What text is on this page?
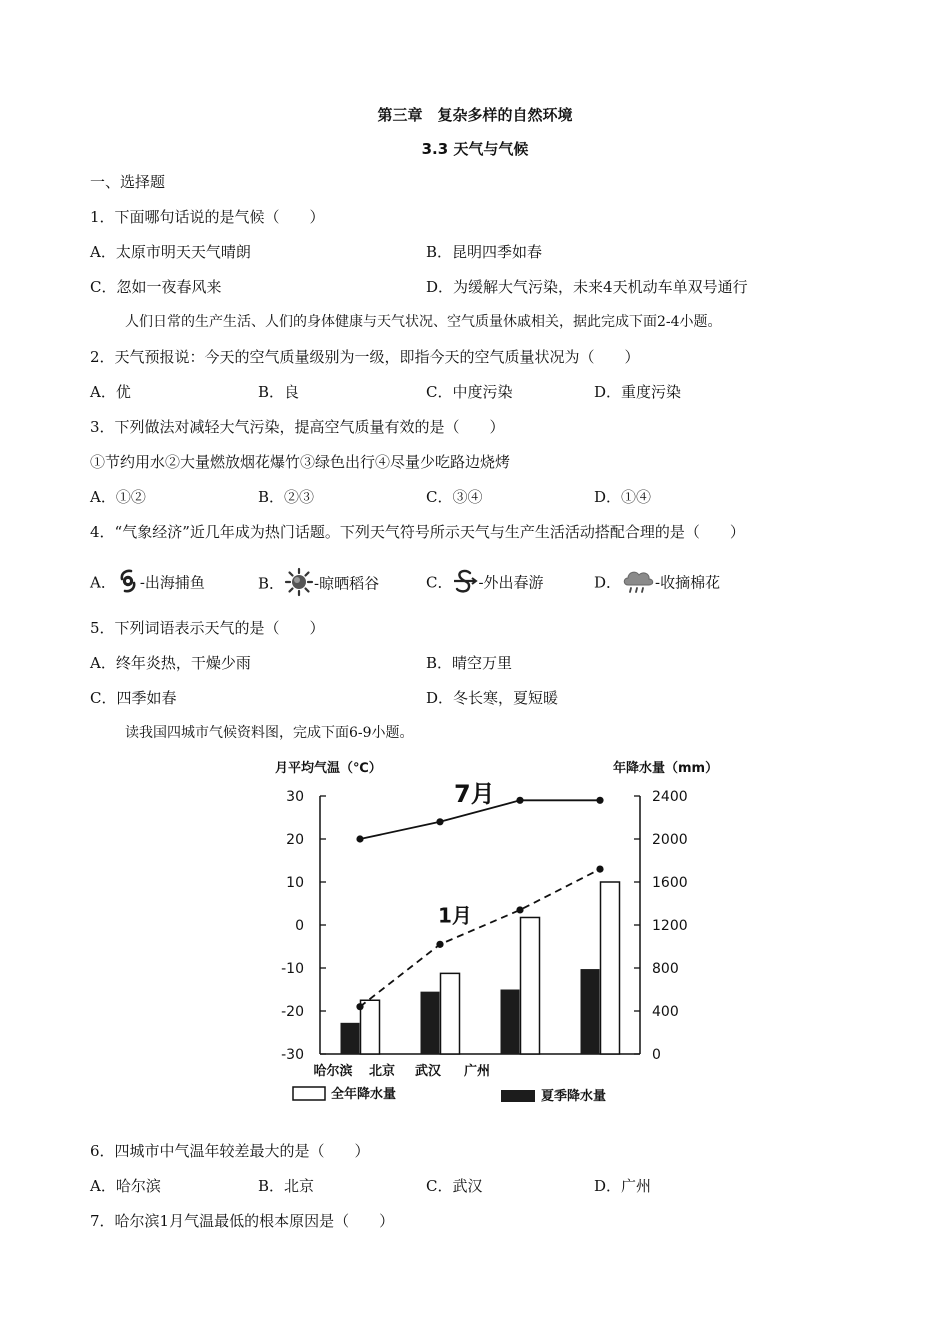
第三章　复杂多样的自然环境
3.3 天气与气候
一、选择题
1．下面哪句话说的是气候（　　）
A．太原市明天天气晴朗	B．昆明四季如春
C．忽如一夜春风来	D．为缓解大气污染，未来4天机动车单双号通行
人们日常的生产生活、人们的身体健康与天气状况、空气质量休戚相关，据此完成下面2-4小题。
2．天气预报说：今天的空气质量级别为一级，即指今天的空气质量状况为（　　）
A．优	B．良	C．中度污染	D．重度污染
3．下列做法对减轻大气污染，提高空气质量有效的是（　　）
①节约用水②大量燃放烟花爆竹③绿色出行④尽量少吃路边烧烤
A．①②	B．②③	C．③④	D．①④
4．“气象经济”近几年成为热门话题。下列天气符号所示天气与生产生活活动搭配合理的是（　　）
A． -出海捕鱼	B． -晾晒稻谷	C． -外出春游	D． -收摘棉花
5．下列词语表示天气的是（　　）
A．终年炎热，干燥少雨	B．晴空万里
C．四季如春	D．冬长寒，夏短暖
读我国四城市气候资料图，完成下面6-9小题。
月平均气温（℃）	年降水量（mm）
30
20
10
0
-10
-20
-30
2400
2000
1600
1200
800
400
0
哈尔滨 北京 武汉 广州
7月
1月
全年降水量	夏季降水量
6．四城市中气温年较差最大的是（　　）
A．哈尔滨	B．北京	C．武汉	D．广州
7．哈尔滨1月气温最低的根本原因是（　　）
